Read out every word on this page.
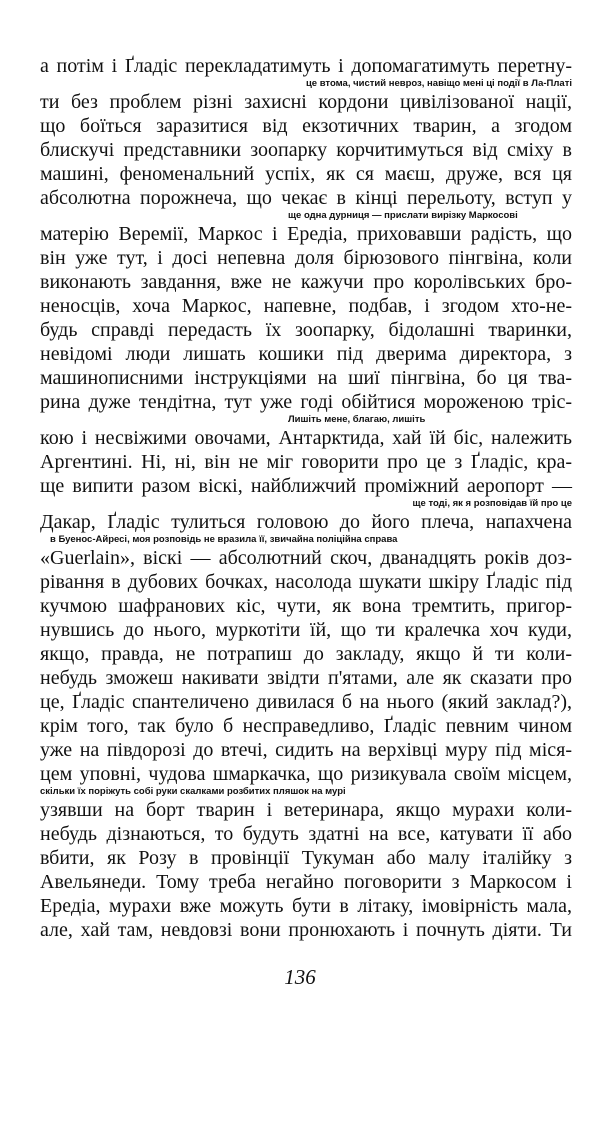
а потім і Ґладіс перекладатимуть і допомагатимуть перетну-
це втома, чистий невроз, навіщо мені ці події в Ла-Платі
ти без проблем різні захисні кордони цивілізованої нації,
що боїться заразитися від екзотичних тварин, а згодом
блискучі представники зоопарку корчитимуться від сміху в
машині, феноменальний успіх, як ся маєш, друже, вся ця
абсолютна порожнеча, що чекає в кінці перельоту, вступ у
ще одна дурниця — прислати вирізку Маркосові
матерію Веремії, Маркос і Ередіа, приховавши радість, що
він уже тут, і досі непевна доля бірюзового пінгвіна, коли
виконають завдання, вже не кажучи про королівських бро-
неносців, хоча Маркос, напевне, подбав, і згодом хто-не-
будь справді передасть їх зоопарку, бідолашні тваринки,
невідомі люди лишать кошики під дверима директора, з
машинописними інструкціями на шиї пінгвіна, бо ця тва-
рина дуже тендітна, тут уже годі обійтися мороженою тріс-
Лишіть мене, благаю, лишіть
кою і несвіжими овочами, Антарктида, хай їй біс, належить
Аргентині. Ні, ні, він не міг говорити про це з Ґладіс, кра-
ще випити разом віскі, найближчий проміжний аеропорт —
ще тоді, як я розповідав їй про це
Дакар, Ґладіс тулиться головою до його плеча, напахчена
в Буенос-Айресі, моя розповідь не вразила її, звичайна поліційна справа
«Guerlain», віскі — абсолютний скоч, дванадцять років доз-
рівання в дубових бочках, насолода шукати шкіру Ґладіс під
кучмою шафранових кіс, чути, як вона тремтить, пригор-
нувшись до нього, муркотіти їй, що ти кралечка хоч куди,
якщо, правда, не потрапиш до закладу, якщо й ти коли-
небудь зможеш накивати звідти п'ятами, але як сказати про
це, Ґладіс спантеличено дивилася б на нього (який заклад?),
крім того, так було б несправедливо, Ґладіс певним чином
уже на півдорозі до втечі, сидить на верхівці муру під міся-
цем уповні, чудова шмаркачка, що ризикувала своїм місцем,
скільки їх поріжуть собі руки скалками розбитих пляшок на мурі
узявши на борт тварин і ветеринара, якщо мурахи коли-
небудь дізнаються, то будуть здатні на все, катувати її або
вбити, як Розу в провінції Тукуман або малу італійку з
Авельянеди. Тому треба негайно поговорити з Маркосом і
Ередіа, мурахи вже можуть бути в літаку, імовірність мала,
але, хай там, невдовзі вони пронюхають і почнуть діяти. Ти
136
